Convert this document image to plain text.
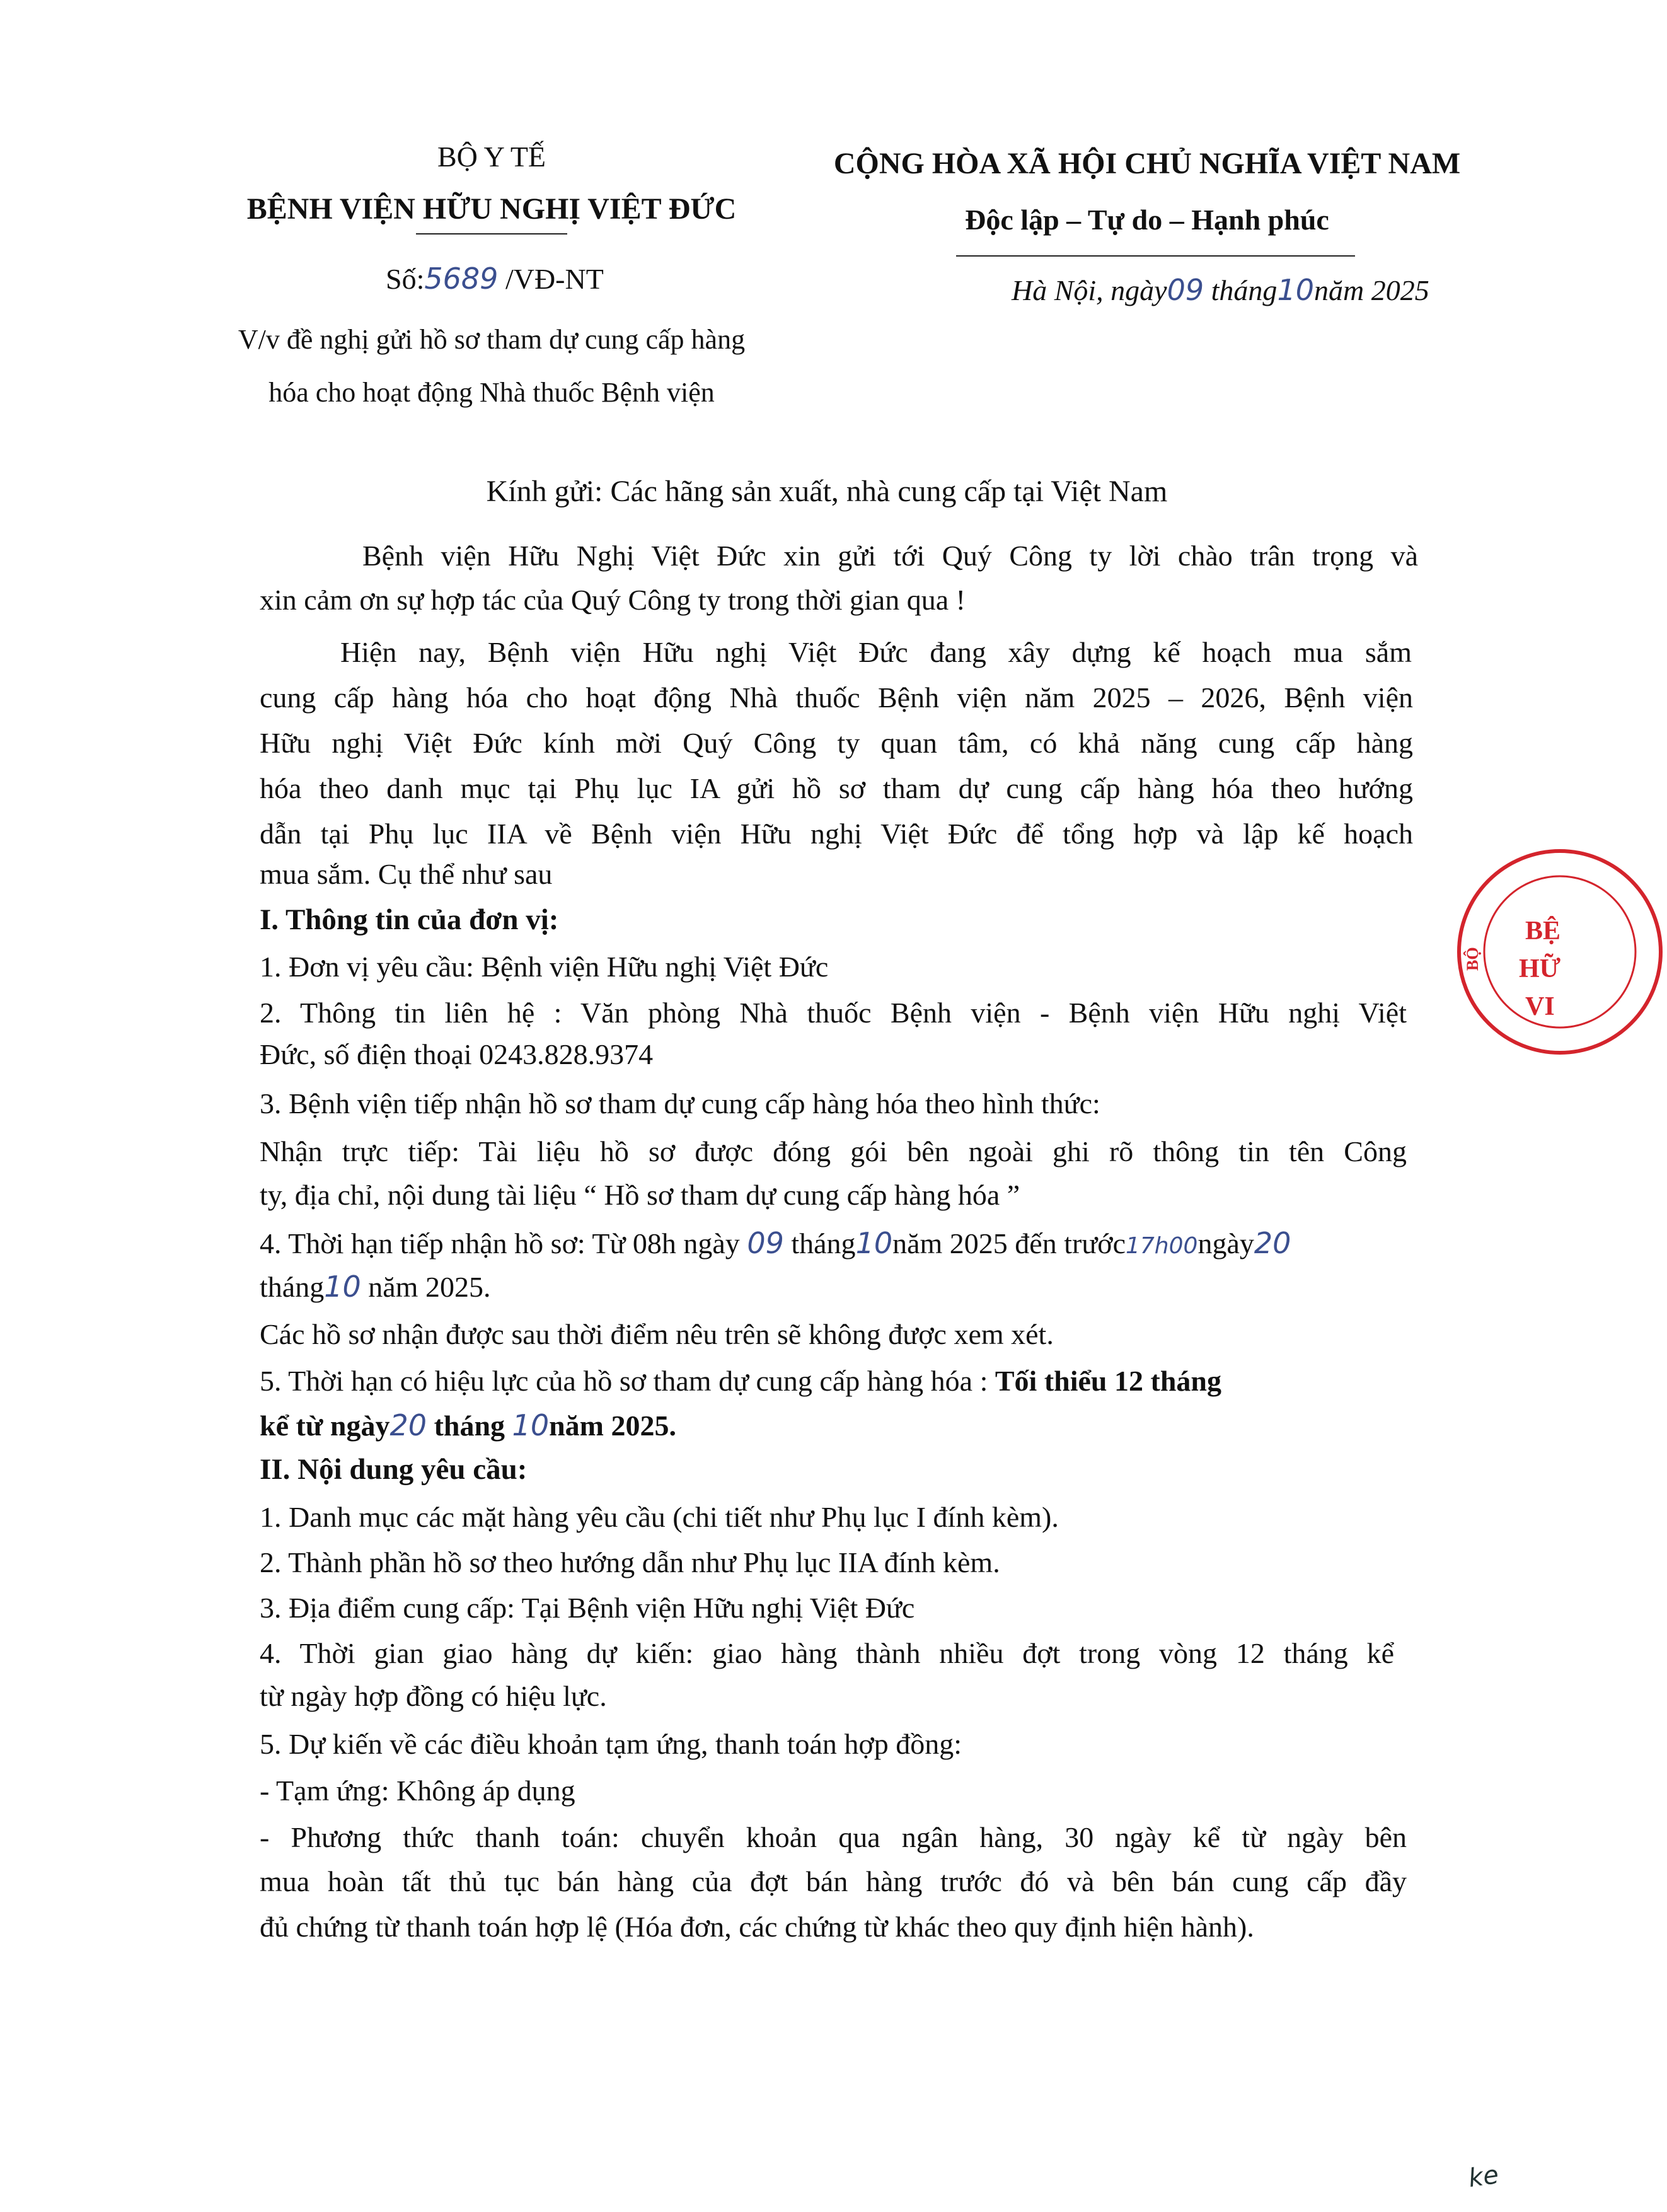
BỘ Y TẾ
BỆNH VIỆN HỮU NGHỊ VIỆT ĐỨC
Số:5689 /VĐ-NT
V/v đề nghị gửi hồ sơ tham dự cung cấp hàng
hóa cho hoạt động Nhà thuốc Bệnh viện
CỘNG HÒA XÃ HỘI CHỦ NGHĨA VIỆT NAM
Độc lập – Tự do – Hạnh phúc
Hà Nội, ngày09 tháng10năm 2025
Kính gửi: Các hãng sản xuất, nhà cung cấp tại Việt Nam
Bệnh viện Hữu Nghị Việt Đức xin gửi tới Quý Công ty lời chào trân trọng và
xin cảm ơn sự hợp tác của Quý Công ty trong thời gian qua !
Hiện nay, Bệnh viện Hữu nghị Việt Đức đang xây dựng kế hoạch mua sắm
cung cấp hàng hóa cho hoạt động Nhà thuốc Bệnh viện năm 2025 – 2026, Bệnh viện
Hữu nghị Việt Đức kính mời Quý Công ty quan tâm, có khả năng cung cấp hàng
hóa theo danh mục tại Phụ lục IA gửi hồ sơ tham dự cung cấp hàng hóa theo hướng
dẫn tại Phụ lục IIA về Bệnh viện Hữu nghị Việt Đức để tổng hợp và lập kế hoạch
mua sắm. Cụ thể như sau
I. Thông tin của đơn vị:
1. Đơn vị yêu cầu: Bệnh viện Hữu nghị Việt Đức
2. Thông tin liên hệ : Văn phòng Nhà thuốc Bệnh viện - Bệnh viện Hữu nghị Việt
Đức, số điện thoại 0243.828.9374
3. Bệnh viện tiếp nhận hồ sơ tham dự cung cấp hàng hóa theo hình thức:
Nhận trực tiếp: Tài liệu hồ sơ được đóng gói bên ngoài ghi rõ thông tin tên Công
ty, địa chỉ, nội dung tài liệu “ Hồ sơ tham dự cung cấp hàng hóa ”
4. Thời hạn tiếp nhận hồ sơ: Từ 08h ngày 09 tháng10năm 2025 đến trước17h00ngày20
tháng10 năm 2025.
Các hồ sơ nhận được sau thời điểm nêu trên sẽ không được xem xét.
5. Thời hạn có hiệu lực của hồ sơ tham dự cung cấp hàng hóa : Tối thiểu 12 tháng
kể từ ngày20 tháng 10năm 2025.
II. Nội dung yêu cầu:
1. Danh mục các mặt hàng yêu cầu (chi tiết như Phụ lục I đính kèm).
2. Thành phần hồ sơ theo hướng dẫn như Phụ lục IIA đính kèm.
3. Địa điểm cung cấp: Tại Bệnh viện Hữu nghị Việt Đức
4. Thời gian giao hàng dự kiến: giao hàng thành nhiều đợt trong vòng 12 tháng kể
từ ngày hợp đồng có hiệu lực.
5. Dự kiến về các điều khoản tạm ứng, thanh toán hợp đồng:
- Tạm ứng: Không áp dụng
- Phương thức thanh toán: chuyển khoản qua ngân hàng, 30 ngày kể từ ngày bên
mua hoàn tất thủ tục bán hàng của đợt bán hàng trước đó và bên bán cung cấp đầy
đủ chứng từ thanh toán hợp lệ (Hóa đơn, các chứng từ khác theo quy định hiện hành).
BỆ
HỮ
VI
BỘ
ke
